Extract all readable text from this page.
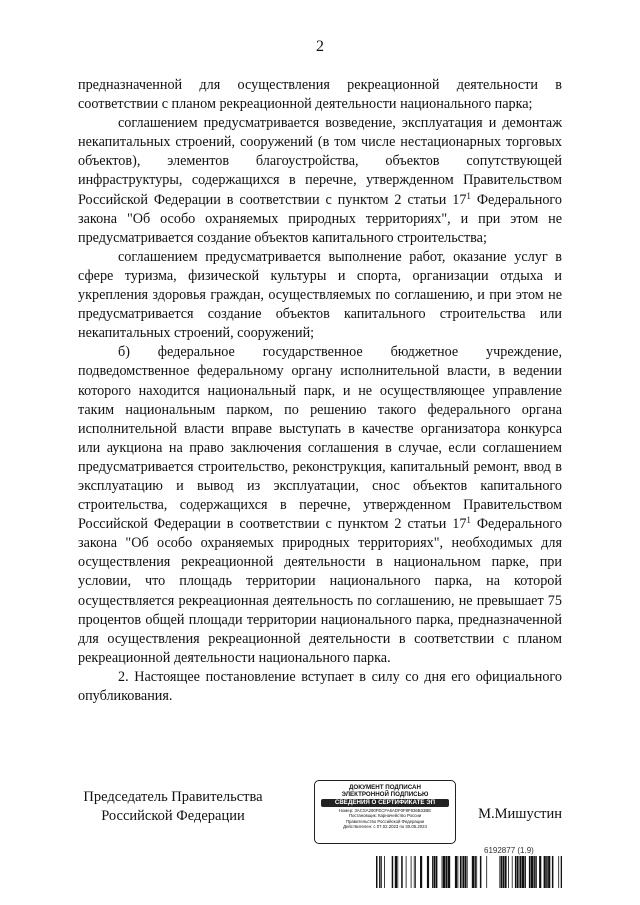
2

предназначенной для осуществления рекреационной деятельности в соответствии с планом рекреационной деятельности национального парка;

соглашением предусматривается возведение, эксплуатация и демонтаж некапитальных строений, сооружений (в том числе нестационарных торговых объектов), элементов благоустройства, объектов сопутствующей инфраструктуры, содержащихся в перечне, утвержденном Правительством Российской Федерации в соответствии с пунктом 2 статьи $17^1$ Федерального закона "Об особо охраняемых природных территориях", и при этом не предусматривается создание объектов капитального строительства;

соглашением предусматривается выполнение работ, оказание услуг в сфере туризма, физической культуры и спорта, организации отдыха и укрепления здоровья граждан, осуществляемых по соглашению, и при этом не предусматривается создание объектов капитального строительства или некапитальных строений, сооружений;

б) федеральное государственное бюджетное учреждение, подведомственное федеральному органу исполнительной власти, в ведении которого находится национальный парк, и не осуществляющее управление таким национальным парком, по решению такого федерального органа исполнительной власти вправе выступать в качестве организатора конкурса или аукциона на право заключения соглашения в случае, если соглашением предусматривается строительство, реконструкция, капитальный ремонт, ввод в эксплуатацию и вывод из эксплуатации, снос объектов капитального строительства, содержащихся в перечне, утвержденном Правительством Российской Федерации в соответствии с пунктом 2 статьи $17^1$ Федерального закона "Об особо охраняемых природных территориях", необходимых для осуществления рекреационной деятельности в национальном парке, при условии, что площадь территории национального парка, на которой осуществляется рекреационная деятельность по соглашению, не превышает 75 процентов общей площади территории национального парка, предназначенной для осуществления рекреационной деятельности в соответствии с планом рекреационной деятельности национального парка.

2. Настоящее постановление вступает в силу со дня его официального опубликования.

Председатель Правительства
Российской Федерации
ДОКУМЕНТ ПОДПИСАН
ЭЛЕКТРОННОЙ ПОДПИСЬЮ
СВЕДЕНИЯ О СЕРТИФИКАТЕ ЭП
Номер: 3ACSA290FECFA6ADF0F8F936B33BE
Постановщик: Карначейство России
Правительство Российской Федерации
Действителен: с 07.02.2023 по 30.05.2024
М.Мишустин
6192877 (1.9)
